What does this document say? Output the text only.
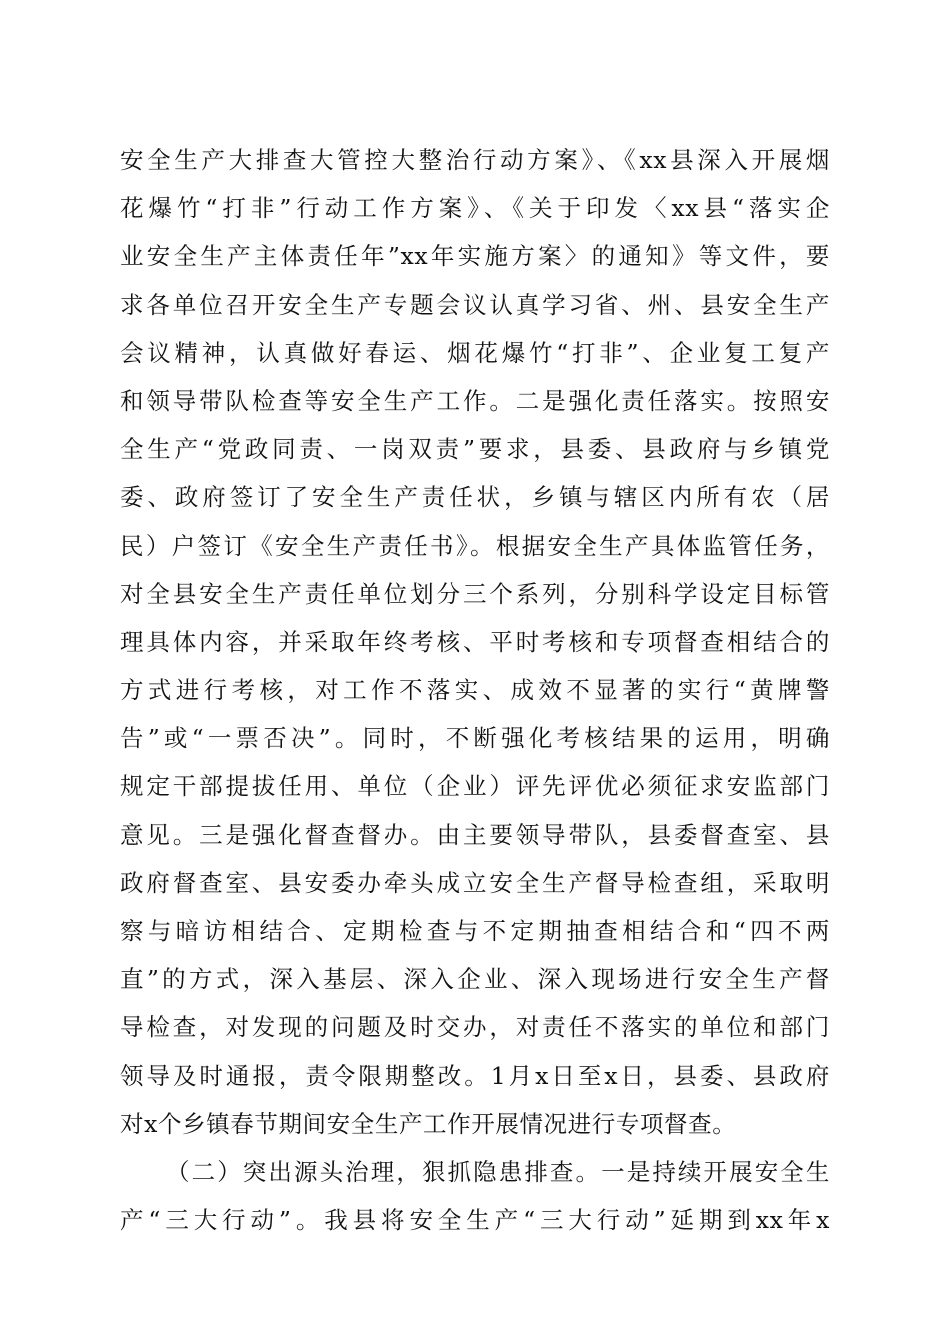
安全生产大排查大管控大整治行动方案》、《xx县深入开展烟
花爆竹“打非”行动工作方案》、《关于印发〈xx县“落实企
业安全生产主体责任年”xx年实施方案〉的通知》等文件，要
求各单位召开安全生产专题会议认真学习省、州、县安全生产
会议精神，认真做好春运、烟花爆竹“打非”、企业复工复产
和领导带队检查等安全生产工作。二是强化责任落实。按照安
全生产“党政同责、一岗双责”要求，县委、县政府与乡镇党
委、政府签订了安全生产责任状，乡镇与辖区内所有农（居
民）户签订《安全生产责任书》。根据安全生产具体监管任务，
对全县安全生产责任单位划分三个系列，分别科学设定目标管
理具体内容，并采取年终考核、平时考核和专项督查相结合的
方式进行考核，对工作不落实、成效不显著的实行“黄牌警
告”或“一票否决”。同时，不断强化考核结果的运用，明确
规定干部提拔任用、单位（企业）评先评优必须征求安监部门
意见。三是强化督查督办。由主要领导带队，县委督查室、县
政府督查室、县安委办牵头成立安全生产督导检查组，采取明
察与暗访相结合、定期检查与不定期抽查相结合和“四不两
直”的方式，深入基层、深入企业、深入现场进行安全生产督
导检查，对发现的问题及时交办，对责任不落实的单位和部门
领导及时通报，责令限期整改。1月x日至x日，县委、县政府
对x个乡镇春节期间安全生产工作开展情况进行专项督查。
（二）突出源头治理，狠抓隐患排查。一是持续开展安全生
产“三大行动”。我县将安全生产“三大行动”延期到xx年x
